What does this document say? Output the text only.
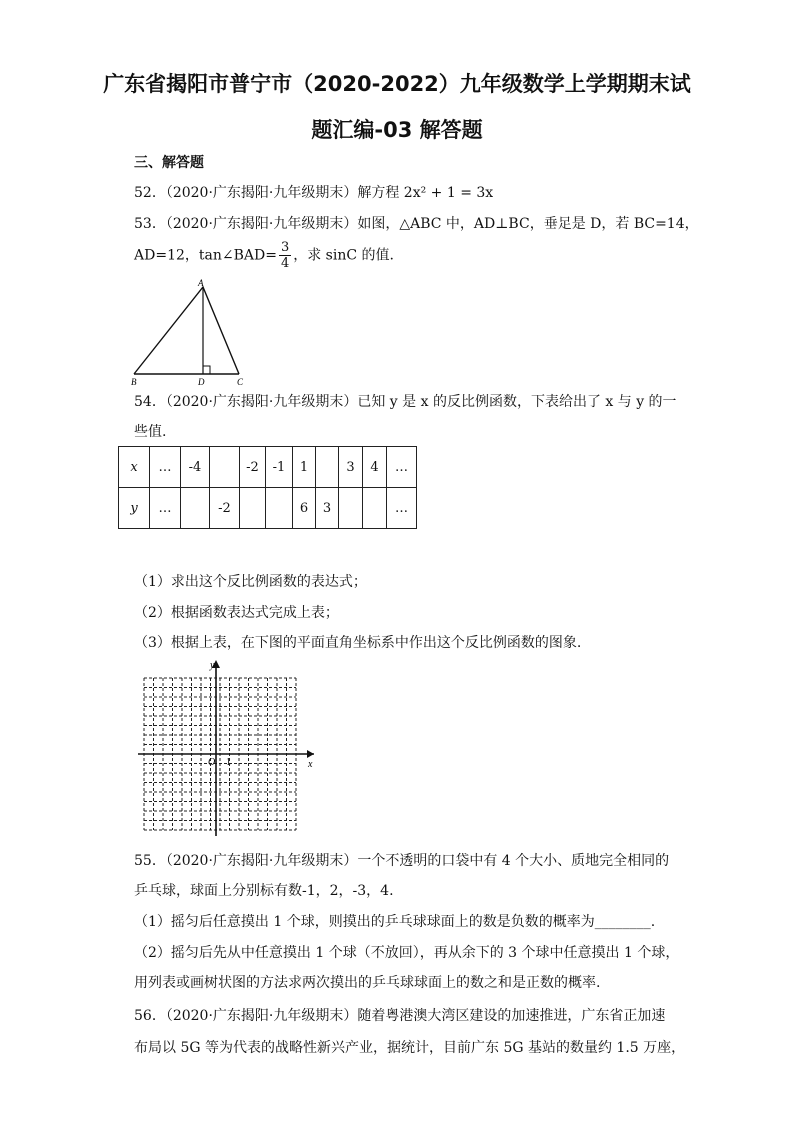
广东省揭阳市普宁市（2020-2022）九年级数学上学期期末试
题汇编-03 解答题
三、解答题
52．（2020·广东揭阳·九年级期末）解方程 2x² + 1 = 3x
53．（2020·广东揭阳·九年级期末）如图，△ABC 中，AD⊥BC，垂足是 D，若 BC=14，
AD=12，tan∠BAD= $\frac{3}{4}$ ，求 sinC 的值.
A
B	D	C
54．（2020·广东揭阳·九年级期末）已知 y 是 x 的反比例函数，下表给出了 x 与 y 的一
些值.
x	…	-4		-2	-1	1		3	4	…
y	…		-2			6	3			…
（1）求出这个反比例函数的表达式；
（2）根据函数表达式完成上表；
（3）根据上表，在下图的平面直角坐标系中作出这个反比例函数的图象.
y
x
O 1
55．（2020·广东揭阳·九年级期末）一个不透明的口袋中有 4 个大小、质地完全相同的
乒乓球，球面上分别标有数-1，2，-3，4.
（1）摇匀后任意摸出 1 个球，则摸出的乒乓球球面上的数是负数的概率为________.
（2）摇匀后先从中任意摸出 1 个球（不放回），再从余下的 3 个球中任意摸出 1 个球，
用列表或画树状图的方法求两次摸出的乒乓球球面上的数之和是正数的概率.
56．（2020·广东揭阳·九年级期末）随着粤港澳大湾区建设的加速推进，广东省正加速
布局以 5G 等为代表的战略性新兴产业，据统计，目前广东 5G 基站的数量约 1.5 万座，
